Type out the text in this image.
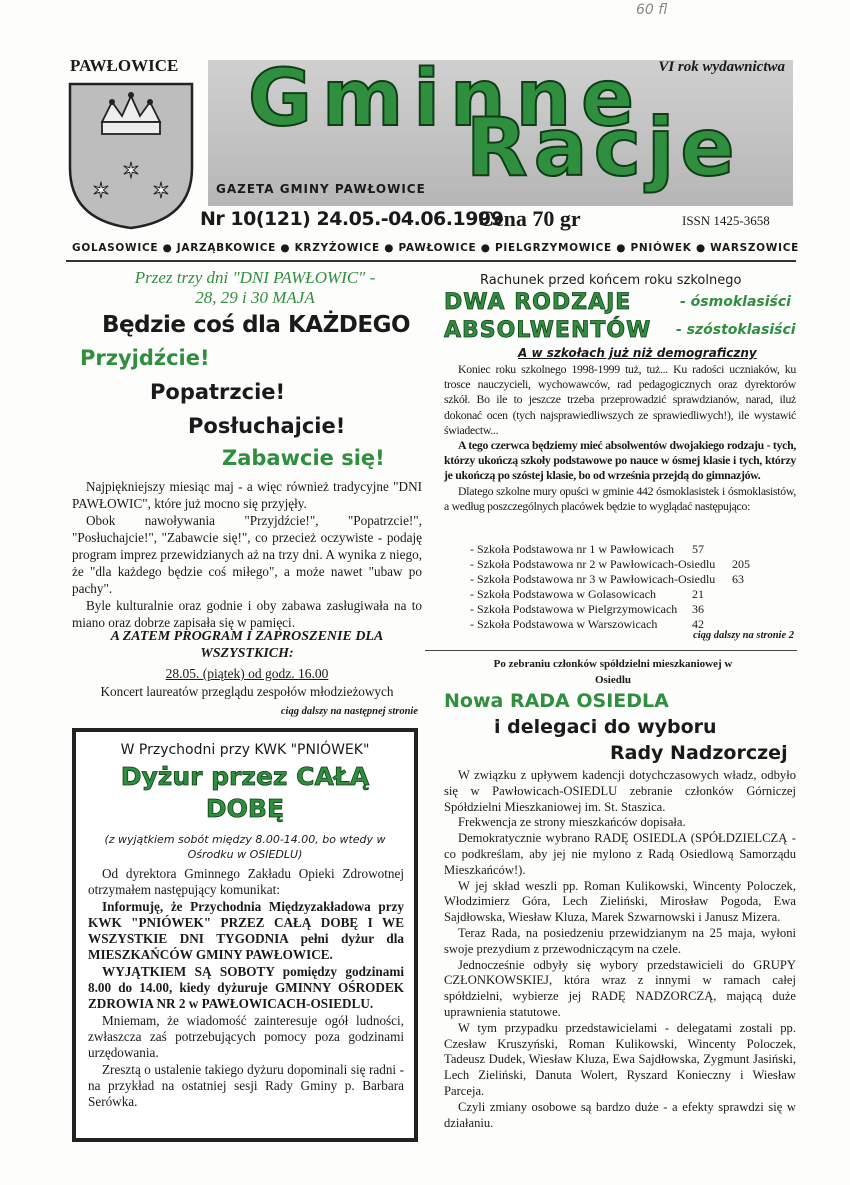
60 fl
PAWŁOWICE
✶
✶ ✶
VI rok wydawnictwa
Gminne
Racje
GAZETA GMINY PAWŁOWICE
Nr 10(121) 24.05.-04.06.1999
Cena 70 gr	ISSN 1425-3658
GOLASOWICE ● JARZĄBKOWICE ● KRZYŻOWICE ● PAWŁOWICE ● PIELGRZYMOWICE ● PNIÓWEK ● WARSZOWICE
Przez trzy dni "DNI PAWŁOWIC" -
28, 29 i 30 MAJA
Będzie coś dla KAŻDEGO
Przyjdźcie!
Popatrzcie!
Posłuchajcie!
Zabawcie się!

Najpiękniejszy miesiąc maj - a więc również tradycyjne "DNI PAWŁOWIC", które już mocno się przyjęły.

Obok nawoływania "Przyjdźcie!", "Popatrzcie!", "Posłuchajcie!", "Zabawcie się!", co przecież oczywiste - podaję program imprez przewidzianych aż na trzy dni. A wynika z niego, że "dla każdego będzie coś miłego", a może nawet "ubaw po pachy".

Byle kulturalnie oraz godnie i oby zabawa zasługiwała na to miano oraz dobrze zapisała się w pamięci.

A ZATEM PROGRAM I ZAPROSZENIE DLA
WSZYSTKICH:
28.05. (piątek) od godz. 16.00
Koncert laureatów przeglądu zespołów młodzieżowych
ciąg dalszy na następnej stronie
W Przychodni przy KWK "PNIÓWEK"
Dyżur przez CAŁĄ
DOBĘ
(z wyjątkiem sobót między 8.00-14.00, bo wtedy w
Ośrodku w OSIEDLU)

Od dyrektora Gminnego Zakładu Opieki Zdrowotnej otrzymałem następujący komunikat:

Informuję, że Przychodnia Międzyzakładowa przy KWK "PNIÓWEK" PRZEZ CAŁĄ DOBĘ I WE WSZYSTKIE DNI TYGODNIA pełni dyżur dla MIESZKAŃCÓW GMINY PAWŁOWICE.

WYJĄTKIEM SĄ SOBOTY pomiędzy godzinami 8.00 do 14.00, kiedy dyżuruje GMINNY OŚRODEK ZDROWIA NR 2 w PAWŁOWICACH-OSIEDLU.

Mniemam, że wiadomość zainteresuje ogół ludności, zwłaszcza zaś potrzebujących pomocy poza godzinami urzędowania.

Zresztą o ustalenie takiego dyżuru dopominali się radni - na przykład na ostatniej sesji Rady Gminy p. Barbara Serówka.

Rachunek przed końcem roku szkolnego
DWA RODZAJE	- ósmoklasiści
ABSOLWENTÓW - szóstoklasiści
A w szkołach już niż demograficzny

Koniec roku szkolnego 1998-1999 tuż, tuż... Ku radości uczniaków, ku trosce nauczycieli, wychowawców, rad pedagogicznych oraz dyrektorów szkół. Bo ile to jeszcze trzeba przeprowadzić sprawdzianów, narad, iluż dokonać ocen (tych najsprawiedliwszych ze sprawiedliwych!), ile wystawić świadectw...

A tego czerwca będziemy mieć absolwentów dwojakiego rodzaju - tych, którzy ukończą szkoły podstawowe po nauce w ósmej klasie i tych, którzy je ukończą po szóstej klasie, bo od września przejdą do gimnazjów.

Dlatego szkolne mury opuści w gminie 442 ósmoklasistek i ósmoklasistów, a według poszczególnych placówek będzie to wyglądać następująco:

- Szkoła Podstawowa nr 1 w Pawłowicach 57
- Szkoła Podstawowa nr 2 w Pawłowicach-Osiedlu 205
- Szkoła Podstawowa nr 3 w Pawłowicach-Osiedlu 63
- Szkoła Podstawowa w Golasowicach	21
- Szkoła Podstawowa w Pielgrzymowicach 36
- Szkoła Podstawowa w Warszowicach	42
ciąg dalszy na stronie 2
Po zebraniu członków spółdzielni mieszkaniowej w
Osiedlu
Nowa RADA OSIEDLA
i delegaci do wyboru
Rady Nadzorczej

W związku z upływem kadencji dotychczasowych władz, odbyło się w Pawłowicach-OSIEDLU zebranie członków Górniczej Spółdzielni Mieszkaniowej im. St. Staszica.

Frekwencja ze strony mieszkańców dopisała.

Demokratycznie wybrano RADĘ OSIEDLA (SPÓŁDZIELCZĄ - co podkreślam, aby jej nie mylono z Radą Osiedlową Samorządu Mieszkańców!).

W jej skład weszli pp. Roman Kulikowski, Wincenty Poloczek, Włodzimierz Góra, Lech Zieliński, Mirosław Pogoda, Ewa Sajdłowska, Wiesław Kluza, Marek Szwarnowski i Janusz Mizera.

Teraz Rada, na posiedzeniu przewidzianym na 25 maja, wyłoni swoje prezydium z przewodniczącym na czele.

Jednocześnie odbyły się wybory przedstawicieli do GRUPY CZŁONKOWSKIEJ, która wraz z innymi w ramach całej spółdzielni, wybierze jej RADĘ NADZORCZĄ, mającą duże uprawnienia statutowe.

W tym przypadku przedstawicielami - delegatami zostali pp. Czesław Kruszyński, Roman Kulikowski, Wincenty Poloczek, Tadeusz Dudek, Wiesław Kluza, Ewa Sajdłowska, Zygmunt Jasiński, Lech Zieliński, Danuta Wolert, Ryszard Konieczny i Wiesław Parceja.

Czyli zmiany osobowe są bardzo duże - a efekty sprawdzi się w działaniu.
